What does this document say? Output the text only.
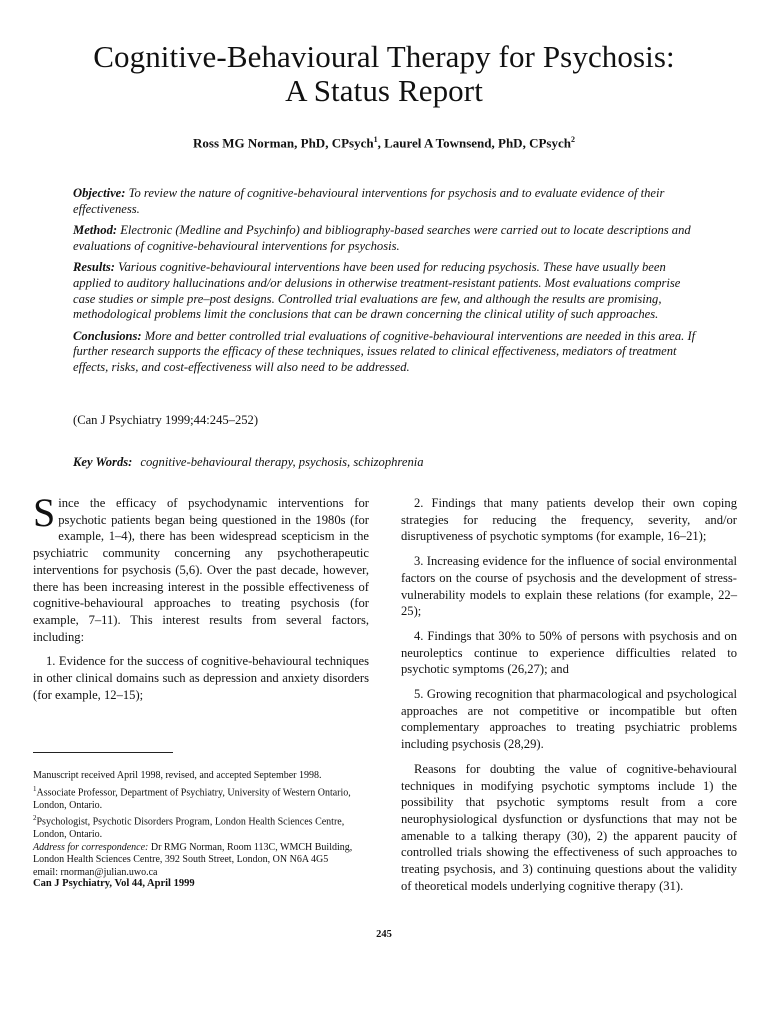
Cognitive-Behavioural Therapy for Psychosis:
A Status Report
Ross MG Norman, PhD, CPsych$^1$, Laurel A Townsend, PhD, CPsych$^2$

Objective: To review the nature of cognitive-behavioural interventions for psychosis and to evaluate evidence of their effectiveness.

Method: Electronic (Medline and Psychinfo) and bibliography-based searches were carried out to locate descriptions and evaluations of cognitive-behavioural interventions for psychosis.

Results: Various cognitive-behavioural interventions have been used for reducing psychosis. These have usually been applied to auditory hallucinations and/or delusions in otherwise treatment-resistant patients. Most evaluations comprise case studies or simple pre–post designs. Controlled trial evaluations are few, and although the results are promising, methodological problems limit the conclusions that can be drawn concerning the clinical utility of such approaches.

Conclusions: More and better controlled trial evaluations of cognitive-behavioural interventions are needed in this area. If further research supports the efficacy of these techniques, issues related to clinical effectiveness, mediators of treatment effects, risks, and cost-effectiveness will also need to be addressed.

(Can J Psychiatry 1999;44:245–252)
Key Words: cognitive-behavioural therapy, psychosis, schizophrenia

Since the efficacy of psychodynamic interventions for psychotic patients began being questioned in the 1980s (for example, 1–4), there has been widespread scepticism in the psychiatric community concerning any psychotherapeutic interventions for psychosis (5,6). Over the past decade, however, there has been increasing interest in the possible effectiveness of cognitive-behavioural approaches to treating psychosis (for example, 7–11). This interest results from several factors, including:

1. Evidence for the success of cognitive-behavioural techniques in other clinical domains such as depression and anxiety disorders (for example, 12–15);

2. Findings that many patients develop their own coping strategies for reducing the frequency, severity, and/or disruptiveness of psychotic symptoms (for example, 16–21);

3. Increasing evidence for the influence of social environmental factors on the course of psychosis and the development of stress-vulnerability models to explain these relations (for example, 22–25);

4. Findings that 30% to 50% of persons with psychosis and on neuroleptics continue to experience difficulties related to psychotic symptoms (26,27); and

5. Growing recognition that pharmacological and psychological approaches are not competitive or incompatible but often complementary approaches to treating psychiatric problems including psychosis (28,29).

Reasons for doubting the value of cognitive-behavioural techniques in modifying psychotic symptoms include 1) the possibility that psychotic symptoms result from a core neurophysiological dysfunction or dysfunctions that may not be amenable to a talking therapy (30), 2) the apparent paucity of controlled trials showing the effectiveness of such approaches to treating psychosis, and 3) continuing questions about the validity of theoretical models underlying cognitive therapy (31).

Manuscript received April 1998, revised, and accepted September 1998.
$^1$Associate Professor, Department of Psychiatry, University of Western Ontario, London, Ontario.
$^2$Psychologist, Psychotic Disorders Program, London Health Sciences Centre, London, Ontario.
Address for correspondence: Dr RMG Norman, Room 113C, WMCH Building, London Health Sciences Centre, 392 South Street, London, ON N6A 4G5
email: rnorman@julian.uwo.ca
Can J Psychiatry, Vol 44, April 1999
245
